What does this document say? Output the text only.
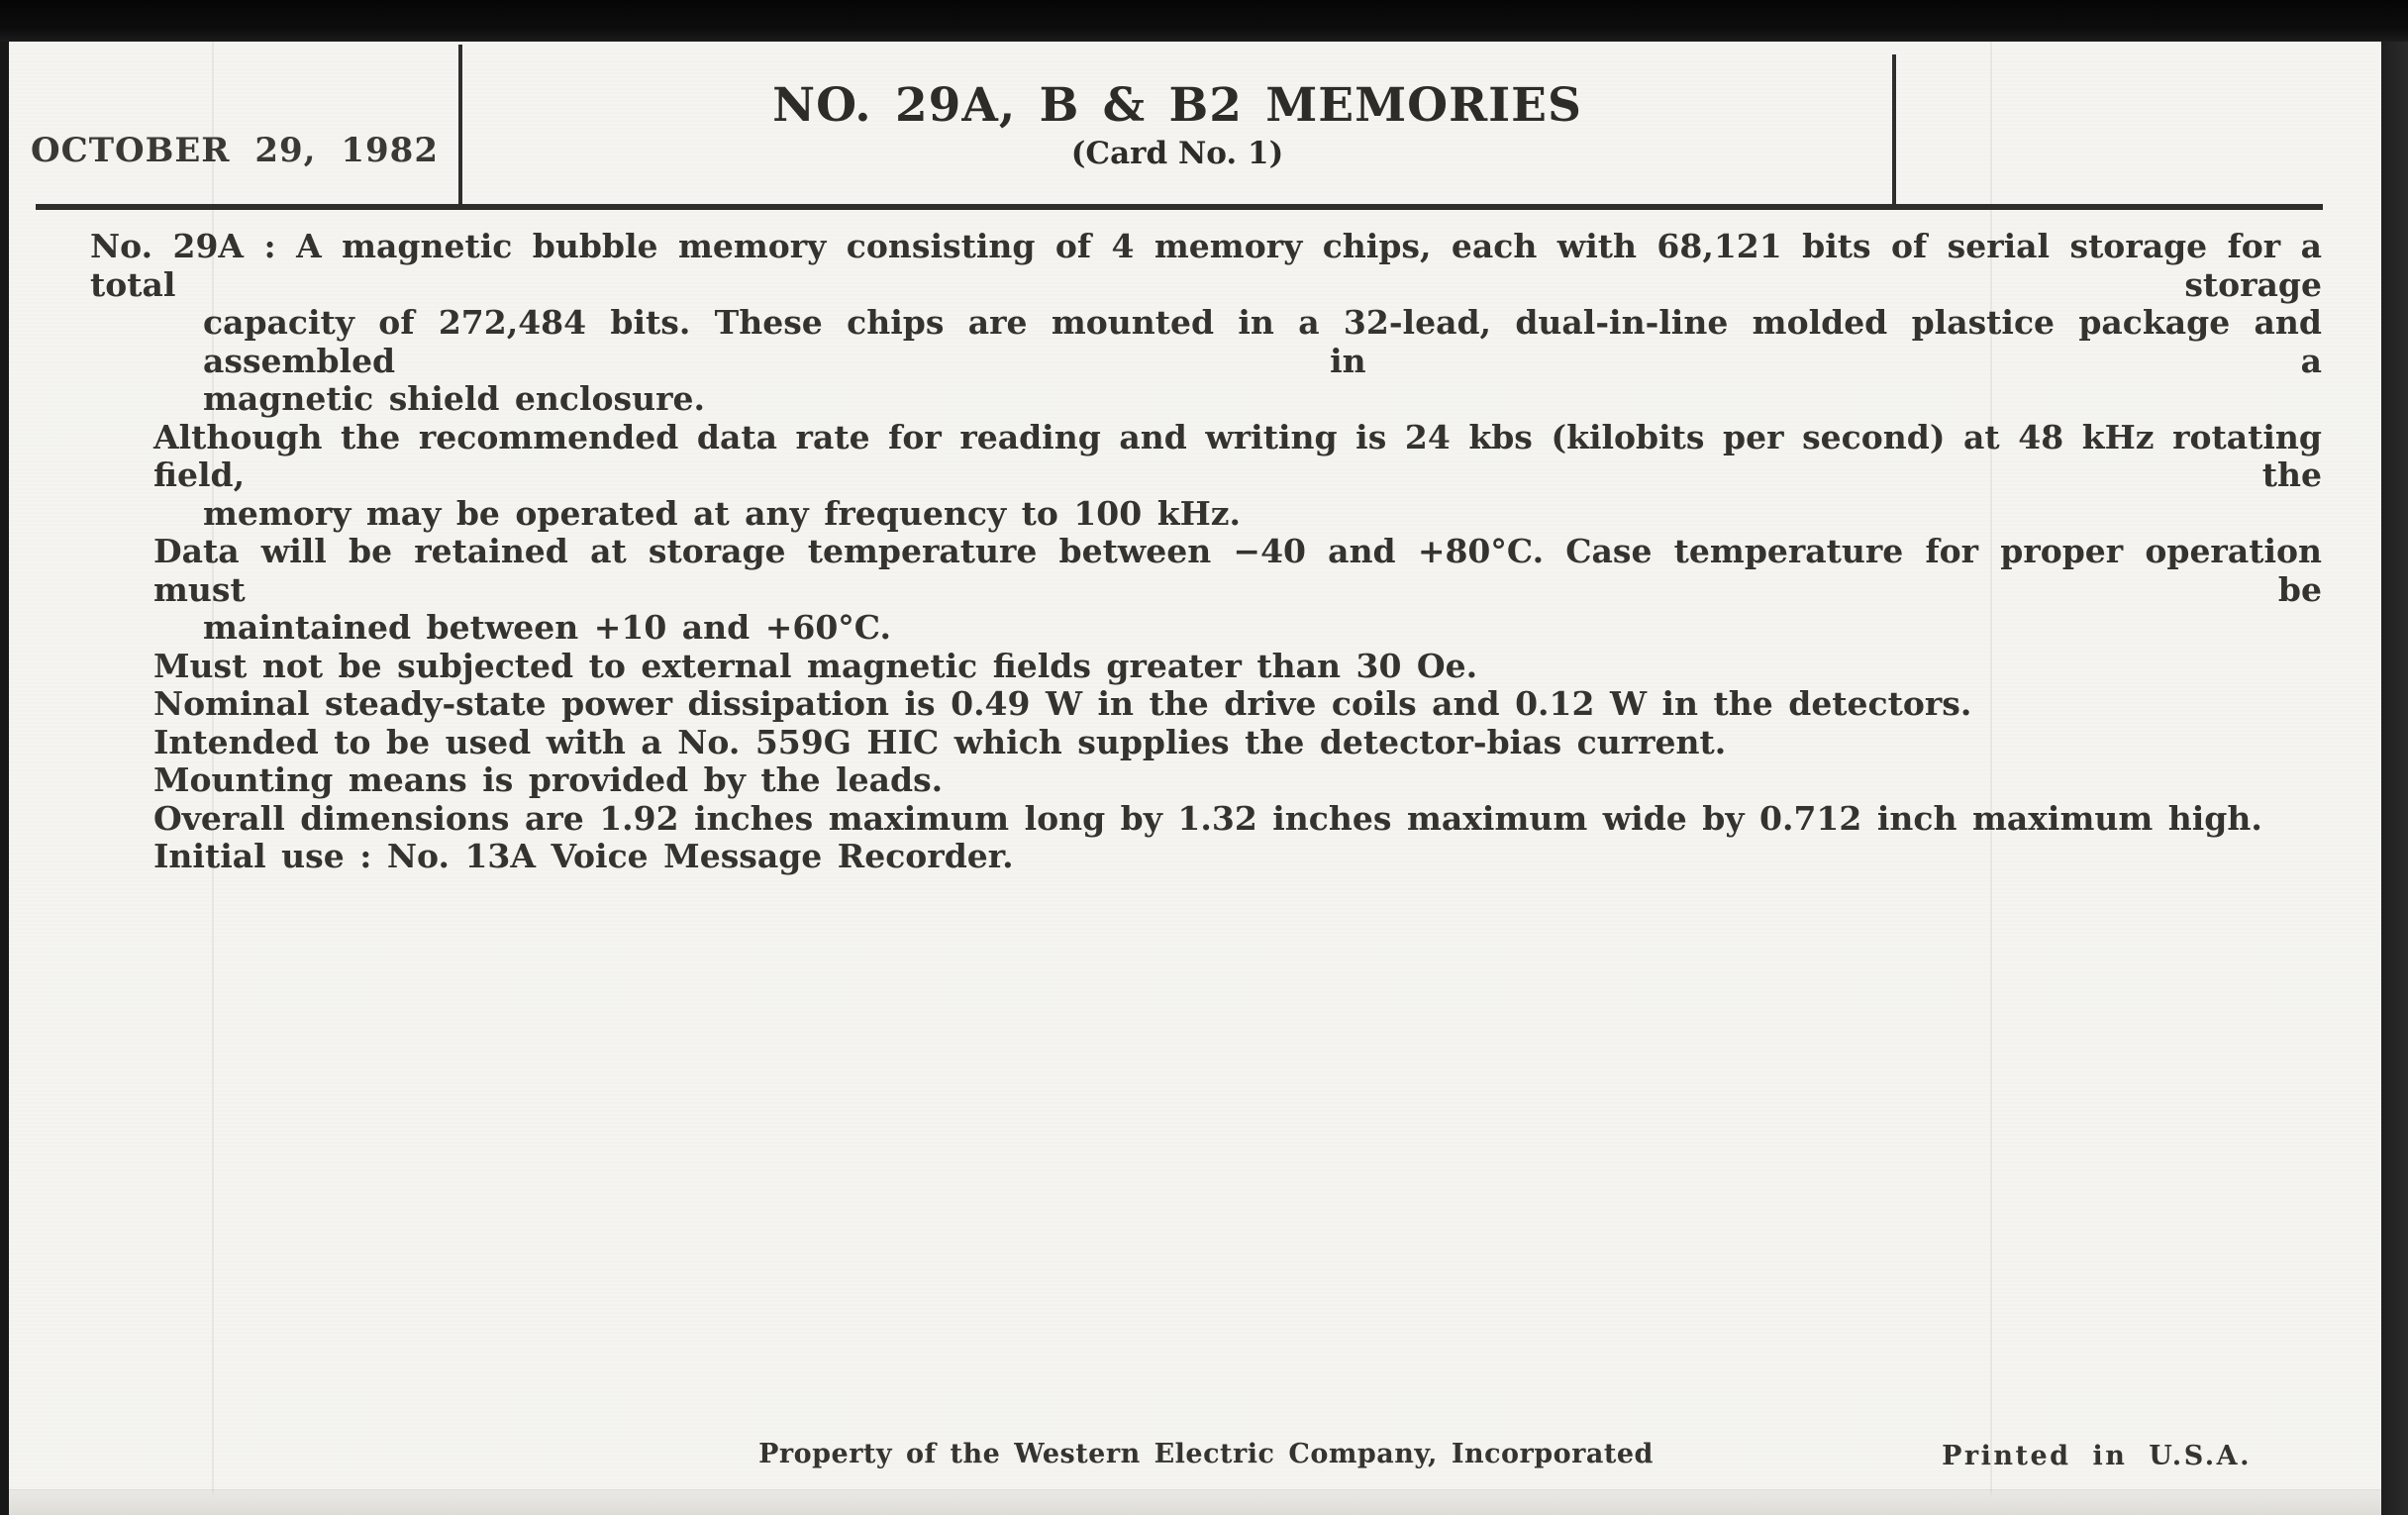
OCTOBER 29, 1982
NO. 29A, B & B2 MEMORIES
(Card No. 1)
No. 29A : A magnetic bubble memory consisting of 4 memory chips, each with 68,121 bits of serial storage for a total storage
capacity of 272,484 bits. These chips are mounted in a 32-lead, dual-in-line molded plastice package and assembled in a
magnetic shield enclosure.
Although the recommended data rate for reading and writing is 24 kbs (kilobits per second) at 48 kHz rotating field, the
memory may be operated at any frequency to 100 kHz.
Data will be retained at storage temperature between −40 and +80°C. Case temperature for proper operation must be
maintained between +10 and +60°C.
Must not be subjected to external magnetic fields greater than 30 Oe.
Nominal steady-state power dissipation is 0.49 W in the drive coils and 0.12 W in the detectors.
Intended to be used with a No. 559G HIC which supplies the detector-bias current.
Mounting means is provided by the leads.
Overall dimensions are 1.92 inches maximum long by 1.32 inches maximum wide by 0.712 inch maximum high.
Initial use : No. 13A Voice Message Recorder.
Property of the Western Electric Company, Incorporated	Printed in U.S.A.
